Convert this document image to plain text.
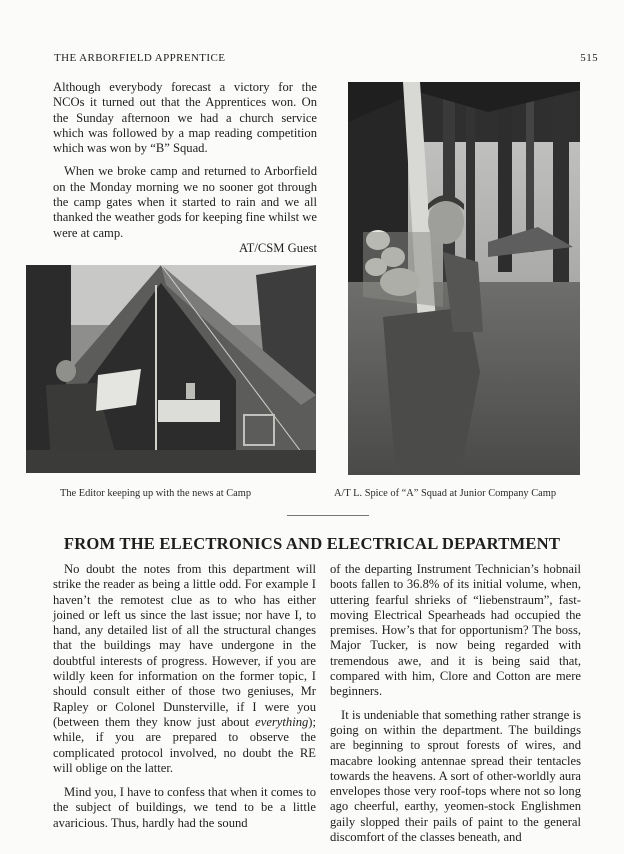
THE ARBORFIELD APPRENTICE	515

Although everybody forecast a victory for the NCOs it turned out that the Apprentices won. On the Sunday afternoon we had a church service which was followed by a map reading competition which was won by “B” Squad.

When we broke camp and returned to Arborfield on the Monday morning we no sooner got through the camp gates when it started to rain and we all thanked the weather gods for keeping fine whilst we were at camp.

AT/CSM Guest
The Editor keeping up with the news at Camp	A/T L. Spice of “A” Squad at Junior Company Camp
FROM THE ELECTRONICS AND ELECTRICAL DEPARTMENT

No doubt the notes from this department will strike the reader as being a little odd. For example I haven’t the remotest clue as to who has either joined or left us since the last issue; nor have I, to hand, any detailed list of all the structural changes that the buildings may have undergone in the doubtful interests of progress. However, if you are wildly keen for information on the former topic, I should consult either of those two geniuses, Mr Rapley or Colonel Dunsterville, if I were you (between them they know just about everything); while, if you are prepared to observe the complicated protocol involved, no doubt the RE will oblige on the latter.

Mind you, I have to confess that when it comes to the subject of buildings, we tend to be a little avaricious. Thus, hardly had the sound

of the departing Instrument Technician’s hobnail boots fallen to 36.8% of its initial volume, when, uttering fearful shrieks of “liebenstraum”, fast-moving Electrical Spearheads had occupied the premises. How’s that for opportunism? The boss, Major Tucker, is now being regarded with tremendous awe, and it is being said that, compared with him, Clore and Cotton are mere beginners.

It is undeniable that something rather strange is going on within the department. The buildings are beginning to sprout forests of wires, and macabre looking antennae spread their tentacles towards the heavens. A sort of other-worldly aura envelopes those very roof-tops where not so long ago cheerful, earthy, yeomen-stock Englishmen gaily slopped their pails of paint to the general discomfort of the classes beneath, and
